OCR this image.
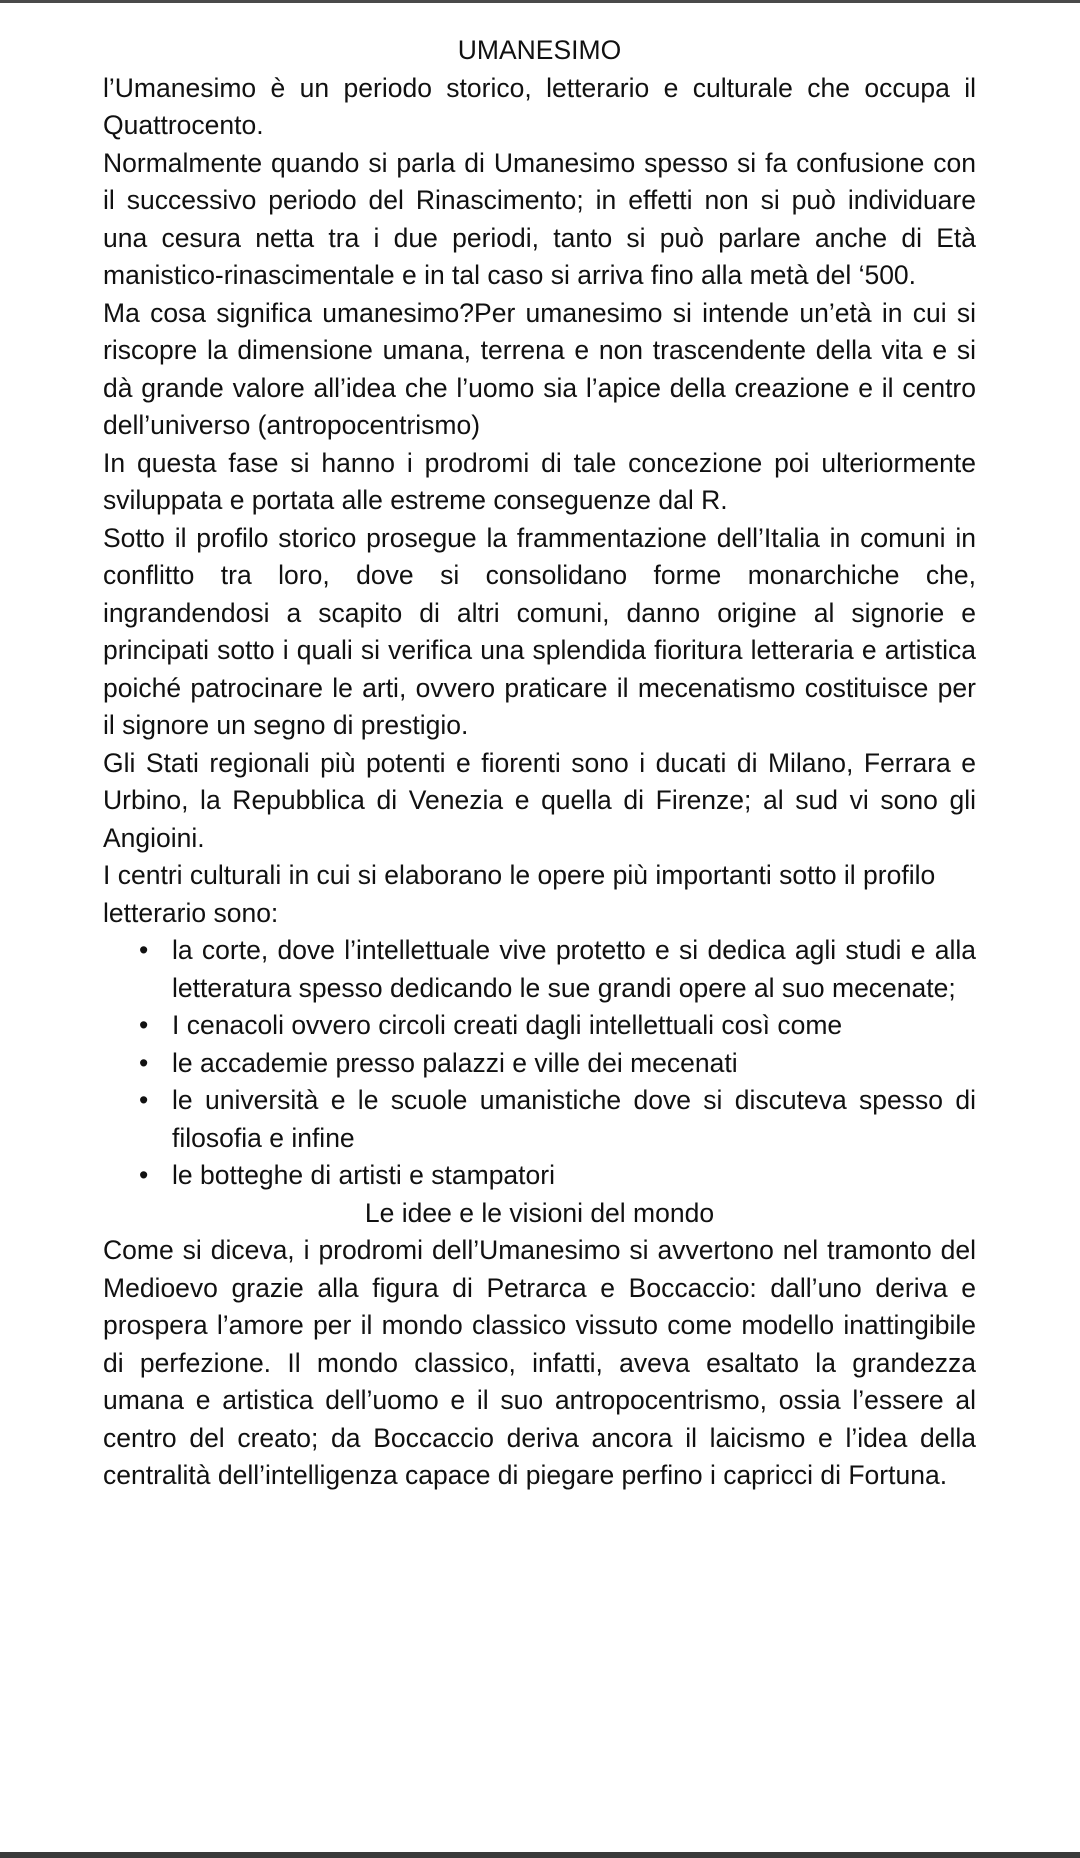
UMANESIMO

l’Umanesimo è un periodo storico, letterario e culturale che occupa il Quattrocento.

Normalmente quando si parla di Umanesimo spesso si fa confusione con il successivo periodo del Rinascimento; in effetti non si può individuare una cesura netta tra i due periodi, tanto si può parlare anche di Età manistico-rinascimentale e in tal caso si arriva fino alla metà del ‘500.

Ma cosa significa umanesimo?Per umanesimo si intende un’età in cui si riscopre la dimensione umana, terrena e non trascendente della vita e si dà grande valore all’idea che l’uomo sia l’apice della creazione e il centro dell’universo (antropocentrismo)

In questa fase si hanno i prodromi di tale concezione poi ulteriormente sviluppata e portata alle estreme conseguenze dal R.

Sotto il profilo storico prosegue la frammentazione dell’Italia in comuni in conflitto tra loro, dove si consolidano forme monarchiche che, ingrandendosi a scapito di altri comuni, danno origine al signorie e principati sotto i quali si verifica una splendida fioritura letteraria e artistica poiché patrocinare le arti, ovvero praticare il mecenatismo costituisce per il signore un segno di prestigio.

Gli Stati regionali più potenti e fiorenti sono i ducati di Milano, Ferrara e Urbino, la Repubblica di Venezia e quella di Firenze; al sud vi sono gli Angioini.

I centri culturali in cui si elaborano le opere più importanti sotto il profilo letterario sono:

• la corte, dove l’intellettuale vive protetto e si dedica agli studi e alla letteratura spesso dedicando le sue grandi opere al suo mecenate;
• I cenacoli ovvero circoli creati dagli intellettuali così come
• le accademie presso palazzi e ville dei mecenati
• le università e le scuole umanistiche dove si discuteva spesso di filosofia e infine
• le botteghe di artisti e stampatori
Le idee e le visioni del mondo

Come si diceva, i prodromi dell’Umanesimo si avvertono nel tramonto del Medioevo grazie alla figura di Petrarca e Boccaccio: dall’uno deriva e prospera l’amore per il mondo classico vissuto come modello inattingibile di perfezione. Il mondo classico, infatti, aveva esaltato la grandezza umana e artistica dell’uomo e il suo antropocentrismo, ossia l’essere al centro del creato; da Boccaccio deriva ancora il laicismo e l’idea della centralità dell’intelligenza capace di piegare perfino i capricci di Fortuna.
